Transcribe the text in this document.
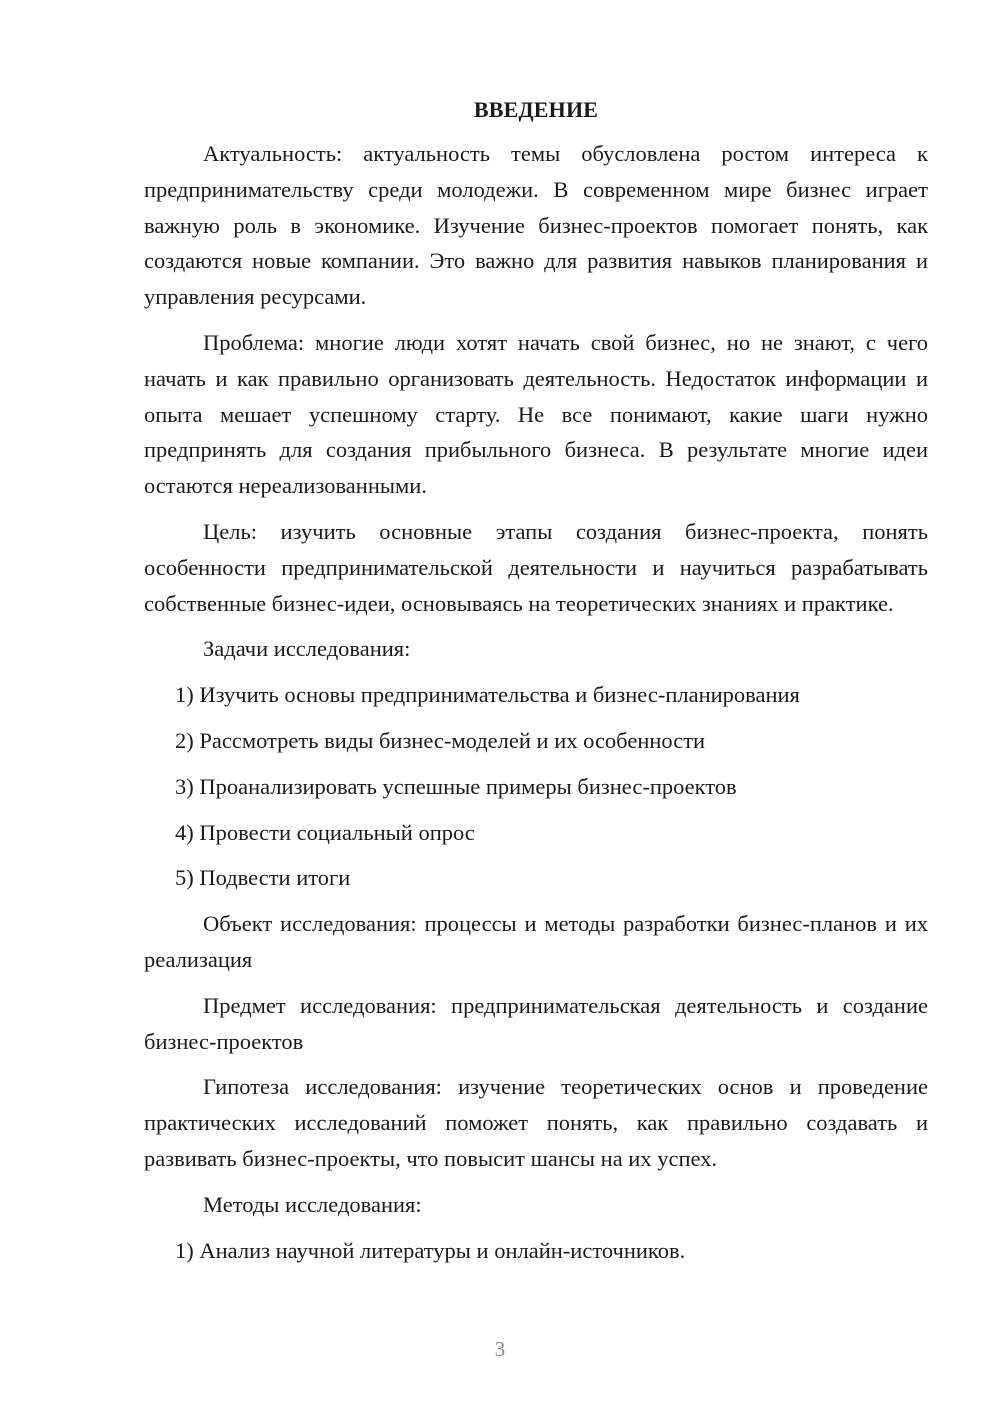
ВВЕДЕНИЕ

Актуальность: актуальность темы обусловлена ростом интереса к предпринимательству среди молодежи. В современном мире бизнес играет важную роль в экономике. Изучение бизнес-проектов помогает понять, как создаются новые компании. Это важно для развития навыков планирования и управления ресурсами.

Проблема: многие люди хотят начать свой бизнес, но не знают, с чего начать и как правильно организовать деятельность. Недостаток информации и опыта мешает успешному старту. Не все понимают, какие шаги нужно предпринять для создания прибыльного бизнеса. В результате многие идеи остаются нереализованными.

Цель: изучить основные этапы создания бизнес-проекта, понять особенности предпринимательской деятельности и научиться разрабатывать собственные бизнес-идеи, основываясь на теоретических знаниях и практике.

Задачи исследования:

1) Изучить основы предпринимательства и бизнес-планирования

2) Рассмотреть виды бизнес-моделей и их особенности

3) Проанализировать успешные примеры бизнес-проектов

4) Провести социальный опрос

5) Подвести итоги

Объект исследования: процессы и методы разработки бизнес-планов и их реализация

Предмет исследования: предпринимательская деятельность и создание бизнес-проектов

Гипотеза исследования: изучение теоретических основ и проведение практических исследований поможет понять, как правильно создавать и развивать бизнес-проекты, что повысит шансы на их успех.

Методы исследования:

1) Анализ научной литературы и онлайн-источников.

3
